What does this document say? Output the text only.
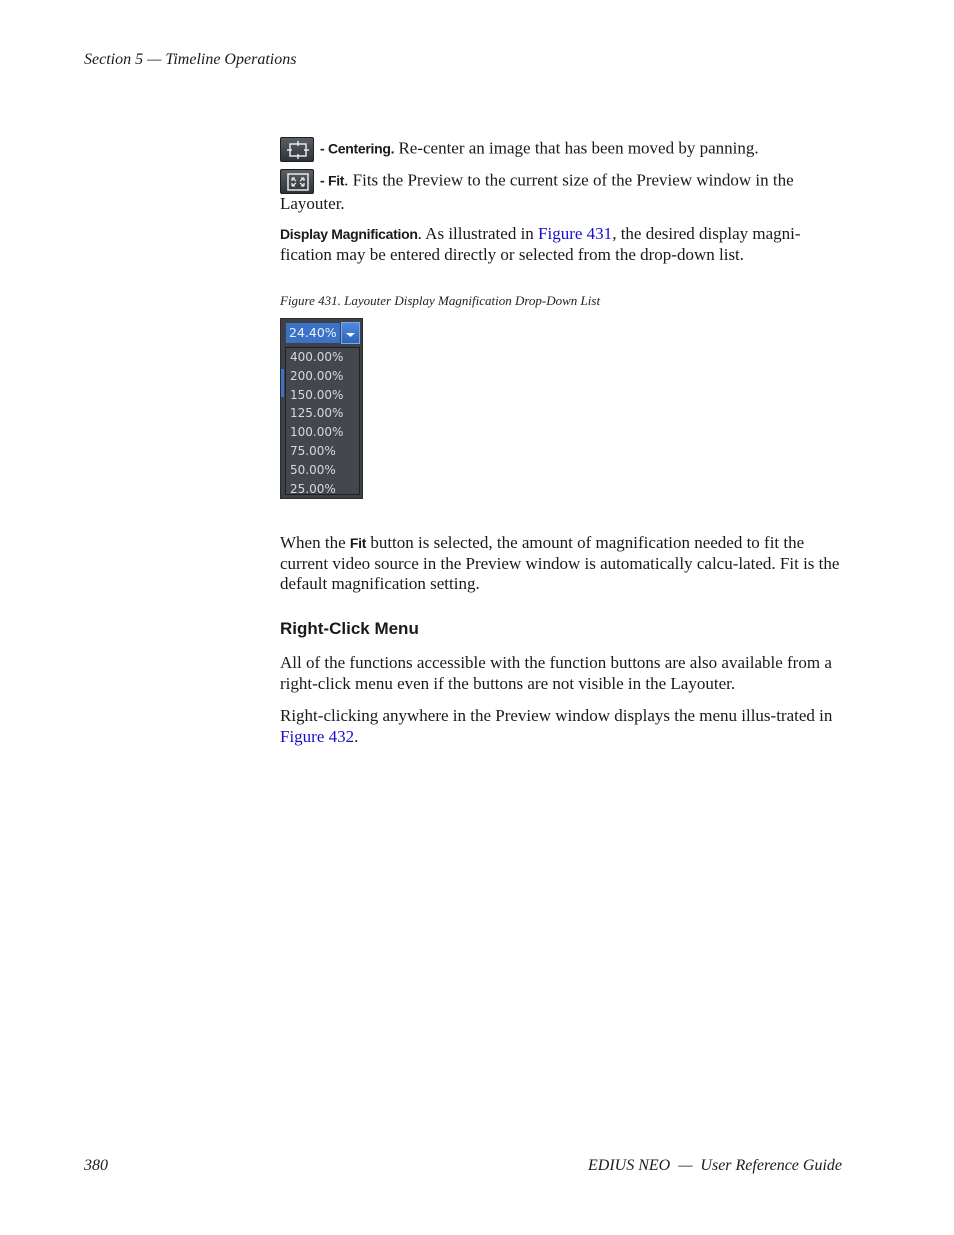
Section 5 — Timeline Operations
- Centering. Re-center an image that has been moved by panning.
- Fit. Fits the Preview to the current size of the Preview window in the Layouter.
Display Magnification. As illustrated in Figure 431, the desired display magni-fication may be entered directly or selected from the drop-down list.
Figure 431. Layouter Display Magnification Drop-Down List
24.40%
400.00%
200.00%
150.00%
125.00%
100.00%
75.00%
50.00%
25.00%
When the Fit button is selected, the amount of magnification needed to fit the current video source in the Preview window is automatically calcu-lated. Fit is the default magnification setting.
Right-Click Menu
All of the functions accessible with the function buttons are also available from a right-click menu even if the buttons are not visible in the Layouter.
Right-clicking anywhere in the Preview window displays the menu illus-trated in Figure 432.
380	EDIUS NEO  —  User Reference Guide
